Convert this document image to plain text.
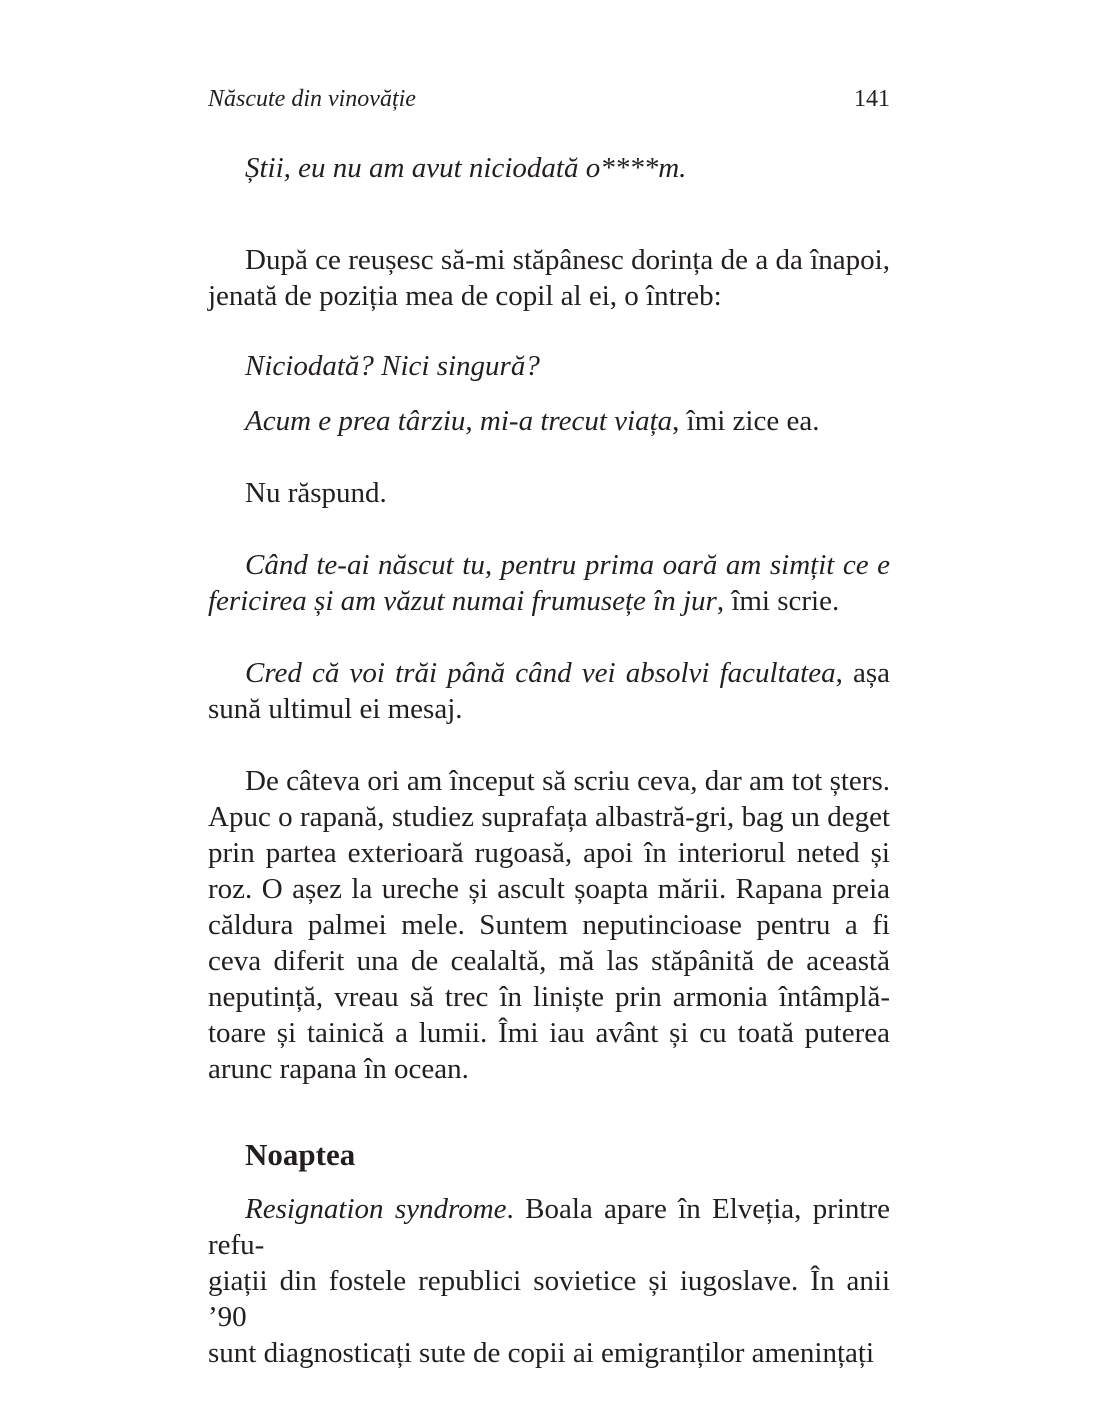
Născute din vinovăție	141
Știi, eu nu am avut niciodată o****m.
După ce reușesc să-mi stăpânesc dorința de a da înapoi,
jenată de poziția mea de copil al ei, o întreb:
Niciodată? Nici singură?
Acum e prea târziu, mi-a trecut viața, îmi zice ea.
Nu răspund.
Când te-ai născut tu, pentru prima oară am simțit ce e
fericirea și am văzut numai frumusețe în jur, îmi scrie.
Cred că voi trăi până când vei absolvi facultatea, așa
sună ultimul ei mesaj.
De câteva ori am început să scriu ceva, dar am tot șters.
Apuc o rapană, studiez suprafața albastră-gri, bag un deget
prin partea exterioară rugoasă, apoi în interiorul neted și
roz. O așez la ureche și ascult șoapta mării. Rapana preia
căldura palmei mele. Suntem neputincioase pentru a fi
ceva diferit una de cealaltă, mă las stăpânită de această
neputință, vreau să trec în liniște prin armonia întâmplă-
toare și tainică a lumii. Îmi iau avânt și cu toată puterea
arunc rapana în ocean.
Noaptea
Resignation syndrome. Boala apare în Elveția, printre refu-
giații din fostele republici sovietice și iugoslave. În anii ’90
sunt diagnosticați sute de copii ai emigranților amenințați
